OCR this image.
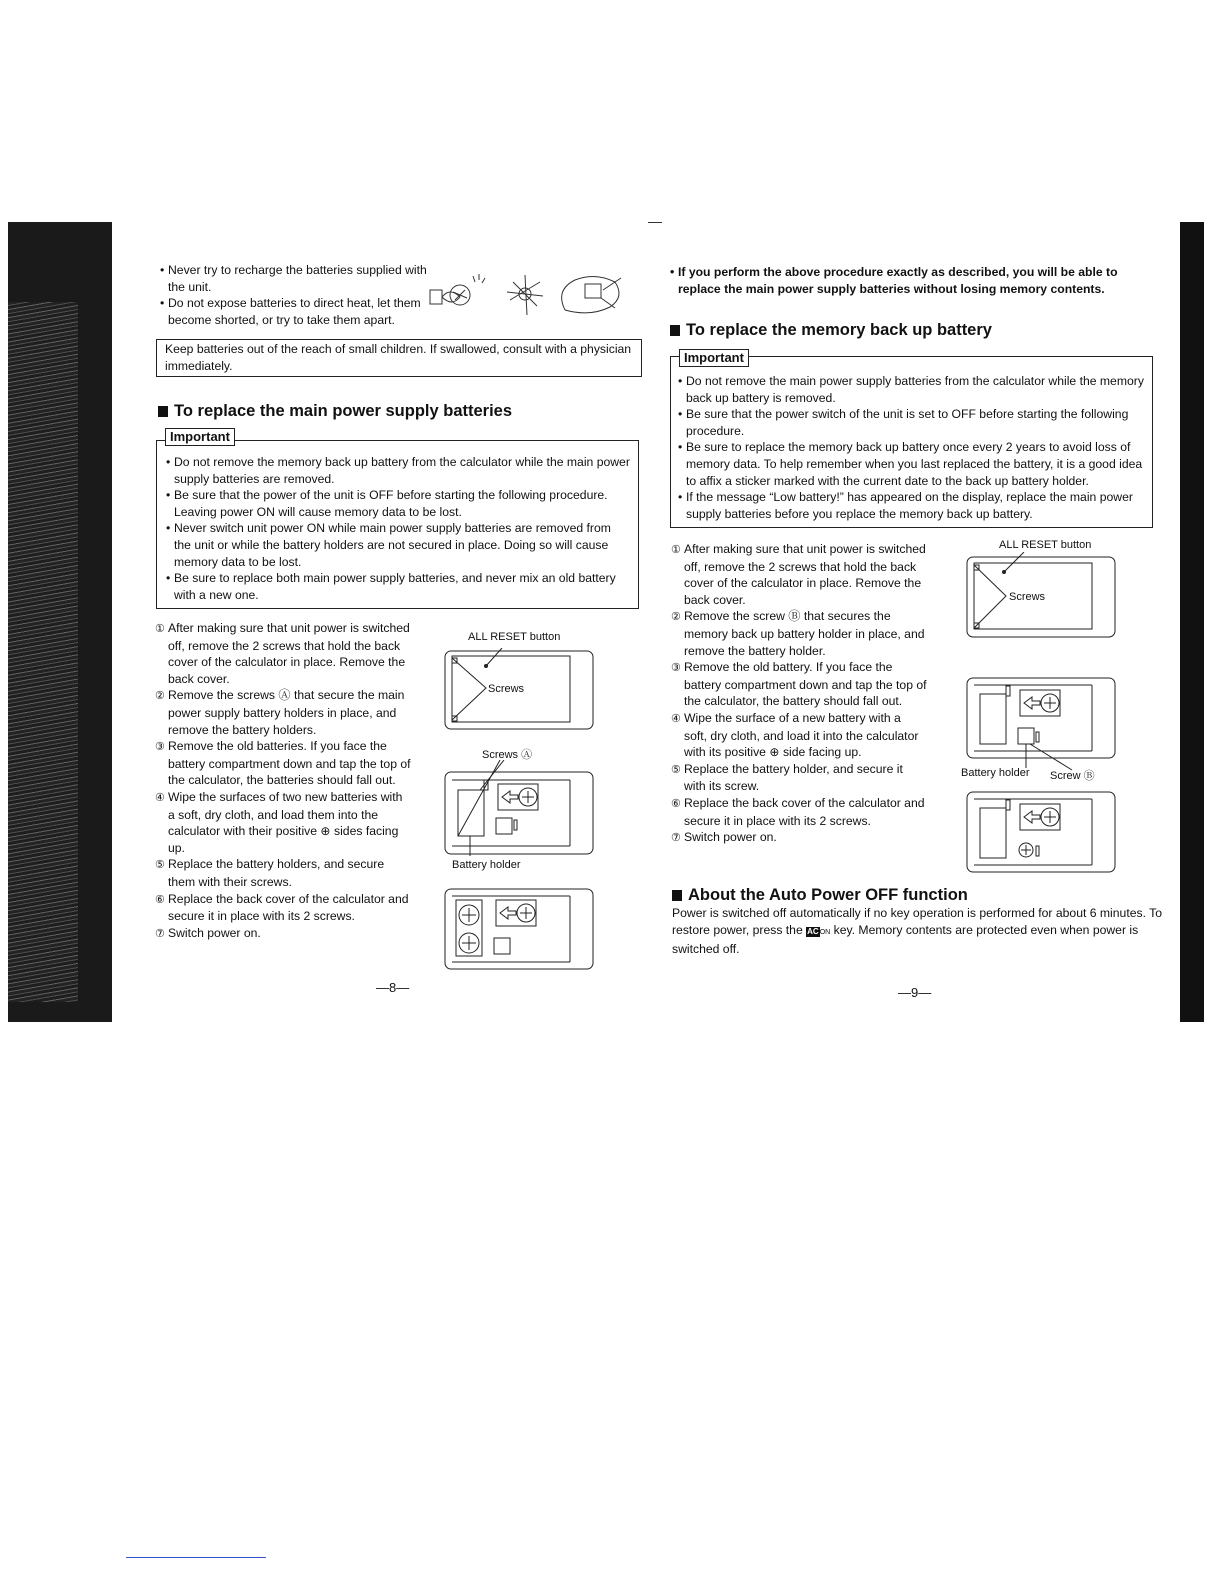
• Never try to recharge the batteries supplied with the unit.

• Do not expose batteries to direct heat, let them become shorted, or try to take them apart.

Keep batteries out of the reach of small children. If swallowed, consult with a physician immediately.
To replace the main power supply batteries
Important

• Do not remove the memory back up battery from the calculator while the main power supply batteries are removed.

• Be sure that the power of the unit is OFF before starting the following procedure. Leaving power ON will cause memory data to be lost.

• Never switch unit power ON while main power supply batteries are removed from the unit or while the battery holders are not secured in place. Doing so will cause memory data to be lost.

• Be sure to replace both main power supply batteries, and never mix an old battery with a new one.

① After making sure that unit power is switched off, remove the 2 screws that hold the back cover of the calculator in place. Remove the back cover.

② Remove the screws Ⓐ that secure the main power supply battery holders in place, and remove the battery holders.

③ Remove the old batteries. If you face the battery compartment down and tap the top of the calculator, the batteries should fall out.

④ Wipe the surfaces of two new batteries with a soft, dry cloth, and load them into the calculator with their positive ⊕ sides facing up.

⑤ Replace the battery holders, and secure them with their screws.

⑥ Replace the back cover of the calculator and secure it in place with its 2 screws.

⑦ Switch power on.

ALL RESET button
Screws
Screws Ⓐ
Battery holder
—8—

• If you perform the above procedure exactly as described, you will be able to replace the main power supply batteries without losing memory contents.

To replace the memory back up battery
Important

• Do not remove the main power supply batteries from the calculator while the memory back up battery is removed.

• Be sure that the power switch of the unit is set to OFF before starting the following procedure.

• Be sure to replace the memory back up battery once every 2 years to avoid loss of memory data. To help remember when you last replaced the battery, it is a good idea to affix a sticker marked with the current date to the back up battery holder.

• If the message “Low battery!” has appeared on the display, replace the main power supply batteries before you replace the memory back up battery.

① After making sure that unit power is switched off, remove the 2 screws that hold the back cover of the calculator in place. Remove the back cover.

② Remove the screw Ⓑ that secures the memory back up battery holder in place, and remove the battery holder.

③ Remove the old battery. If you face the battery compartment down and tap the top of the calculator, the battery should fall out.

④ Wipe the surface of a new battery with a soft, dry cloth, and load it into the calculator with its positive ⊕ side facing up.

⑤ Replace the battery holder, and secure it with its screw.

⑥ Replace the back cover of the calculator and secure it in place with its 2 screws.

⑦ Switch power on.

ALL RESET button
Screws
Battery holder Screw Ⓑ
About the Auto Power OFF function
Power is switched off automatically if no key operation is performed for about 6 minutes. To restore power, press the ACON key. Memory contents are protected even when power is switched off.
—9—
